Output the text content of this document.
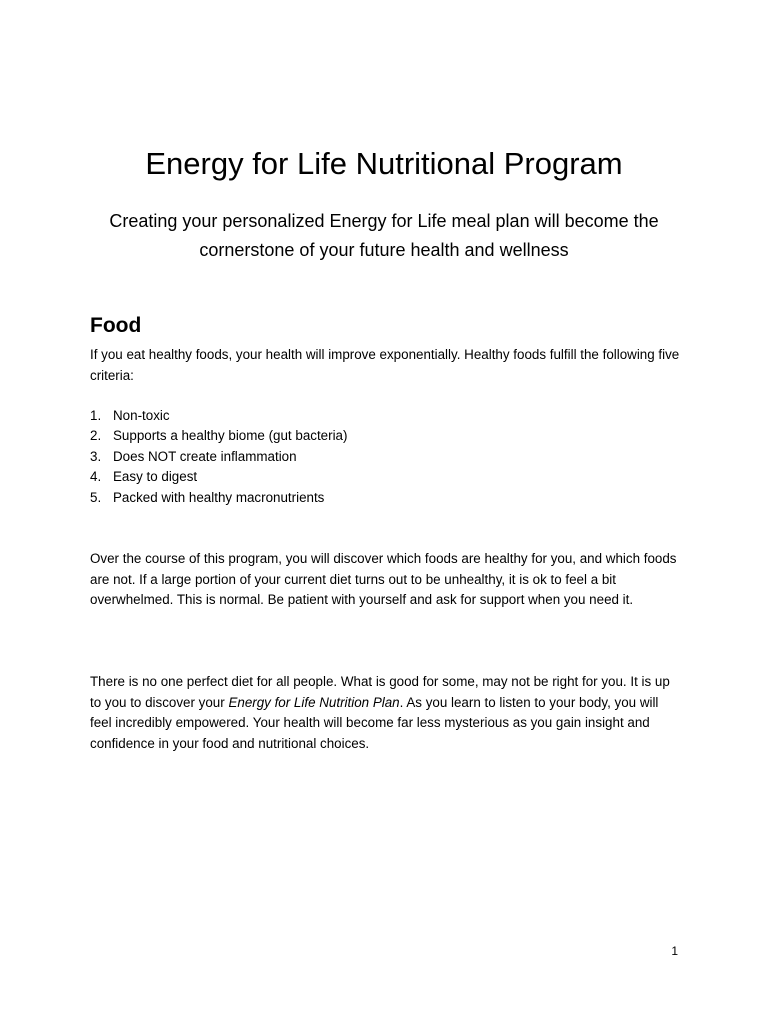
Energy for Life Nutritional Program

Creating your personalized Energy for Life meal plan will become the cornerstone of your future health and wellness

Food

If you eat healthy foods, your health will improve exponentially. Healthy foods fulfill the following five criteria:

1. Non-toxic
2. Supports a healthy biome (gut bacteria)
3. Does NOT create inflammation
4. Easy to digest
5. Packed with healthy macronutrients

Over the course of this program, you will discover which foods are healthy for you, and which foods are not. If a large portion of your current diet turns out to be unhealthy, it is ok to feel a bit overwhelmed. This is normal. Be patient with yourself and ask for support when you need it.

There is no one perfect diet for all people. What is good for some, may not be right for you. It is up to you to discover your Energy for Life Nutrition Plan. As you learn to listen to your body, you will feel incredibly empowered. Your health will become far less mysterious as you gain insight and confidence in your food and nutritional choices.

1
